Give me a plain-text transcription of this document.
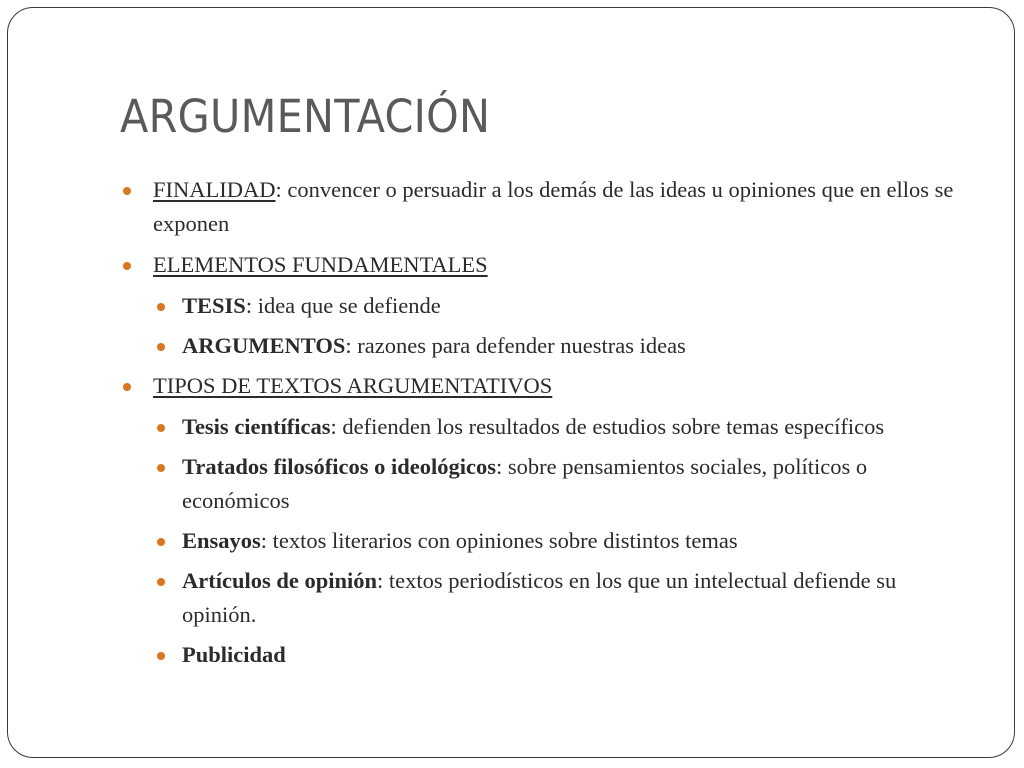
ARGUMENTACIÓN

FINALIDAD: convencer o persuadir a los demás de las ideas u opiniones que en ellos se exponen

ELEMENTOS FUNDAMENTALES

TESIS: idea que se defiende

ARGUMENTOS: razones para defender nuestras ideas

TIPOS DE TEXTOS ARGUMENTATIVOS

Tesis científicas: defienden los resultados de estudios sobre temas específicos

Tratados filosóficos o ideológicos: sobre pensamientos sociales, políticos o económicos

Ensayos: textos literarios con opiniones sobre distintos temas

Artículos de opinión: textos periodísticos en los que un intelectual defiende su opinión.

Publicidad
